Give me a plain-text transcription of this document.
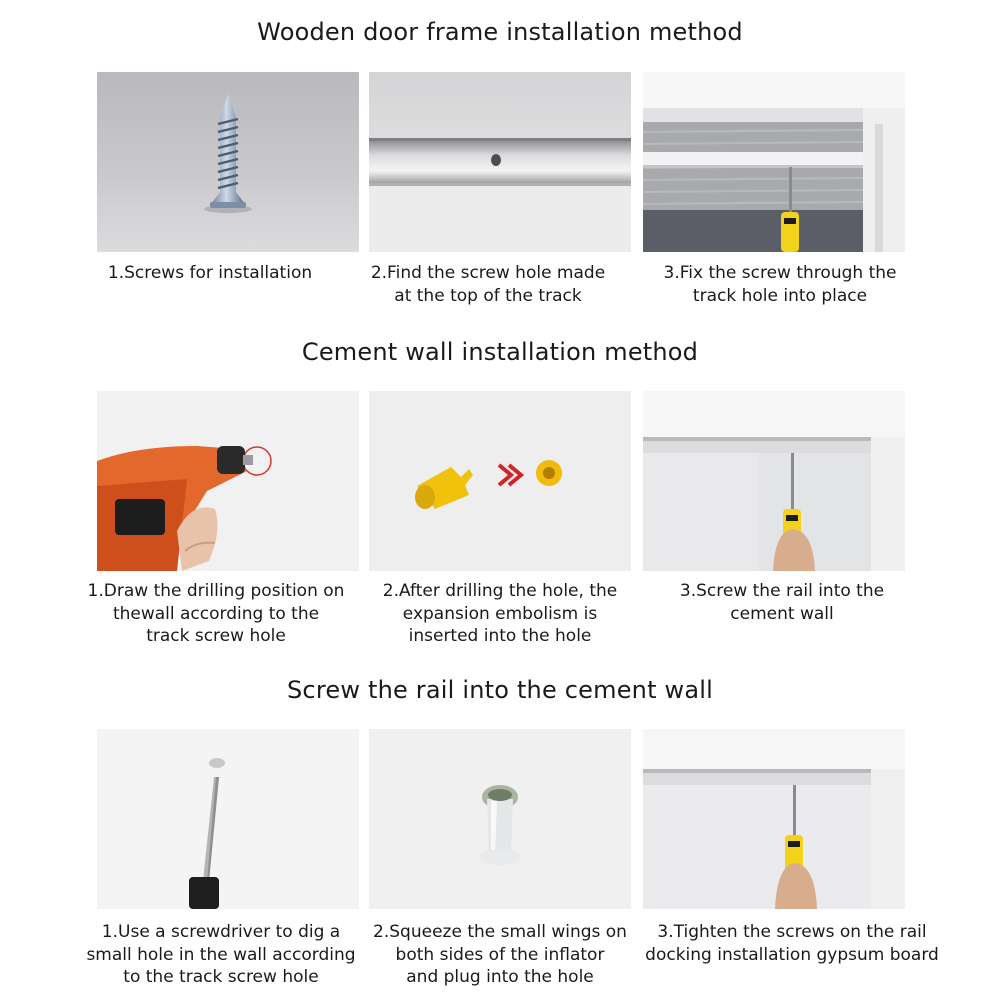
Wooden door frame installation method
1.Screws for installation	2.Find the screw hole made
at the top of the track
3.Fix the screw through the
track hole into place
Cement wall installation method
1.Draw the drilling position on
thewall according to the
track screw hole
2.After drilling the hole, the
expansion embolism is
inserted into the hole
3.Screw the rail into the
cement wall
Screw the rail into the cement wall
1.Use a screwdriver to dig a
small hole in the wall according
to the track screw hole
2.Squeeze the small wings on
both sides of the inflator
and plug into the hole
3.Tighten the screws on the rail
docking installation gypsum board
